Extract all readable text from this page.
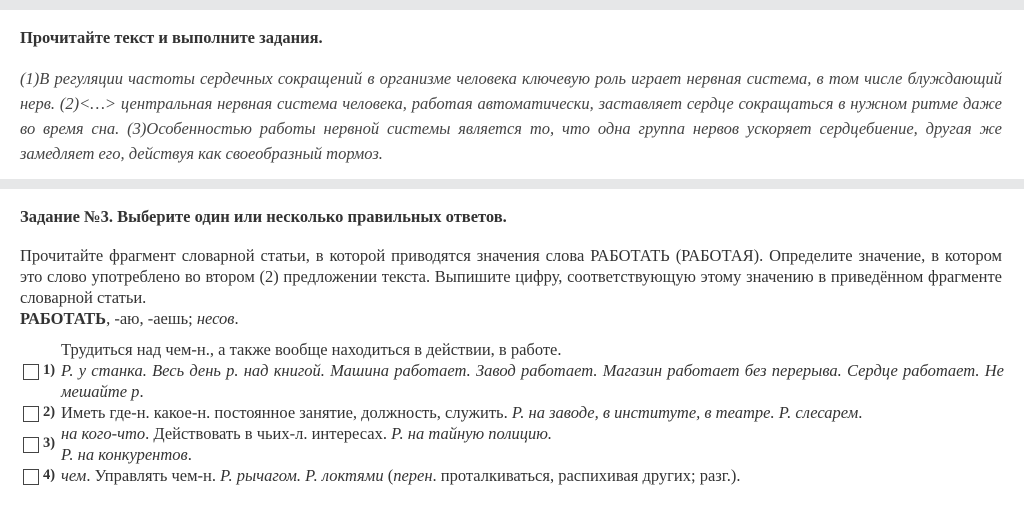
Прочитайте текст и выполните задания.
(1)В регуляции частоты сердечных сокращений в организме человека ключевую роль играет нервная система, в том числе блуждающий нерв. (2)<…> центральная нервная система человека, работая автоматически, заставляет сердце сокращаться в нужном ритме даже во время сна. (3)Особенностью работы нервной системы является то, что одна группа нервов ускоряет сердцебиение, другая же замедляет его, действуя как своеобразный тормоз.
Задание №3. Выберите один или несколько правильных ответов.
Прочитайте фрагмент словарной статьи, в которой приводятся значения слова РАБОТАТЬ (РАБОТАЯ). Определите значение, в котором это слово употреблено во втором (2) предложении текста. Выпишите цифру, соответствующую этому значению в приведённом фрагменте словарной статьи.
РАБОТАТЬ, -аю, -аешь; несов.
Трудиться над чем-н., а также вообще находиться в действии, в работе.
1) Р. у станка. Весь день р. над книгой. Машина работает. Завод работает. Магазин работает без перерыва. Сердце работает. Не мешайте р.
2) Иметь где-н. какое-н. постоянное занятие, должность, служить. Р. на заводе, в институте, в театре. Р. слесарем.
3) на кого-что. Действовать в чьих-л. интересах. Р. на тайную полицию.
Р. на конкурентов.
4) чем. Управлять чем-н. Р. рычагом. Р. локтями (перен. проталкиваться, распихивая других; разг.).
